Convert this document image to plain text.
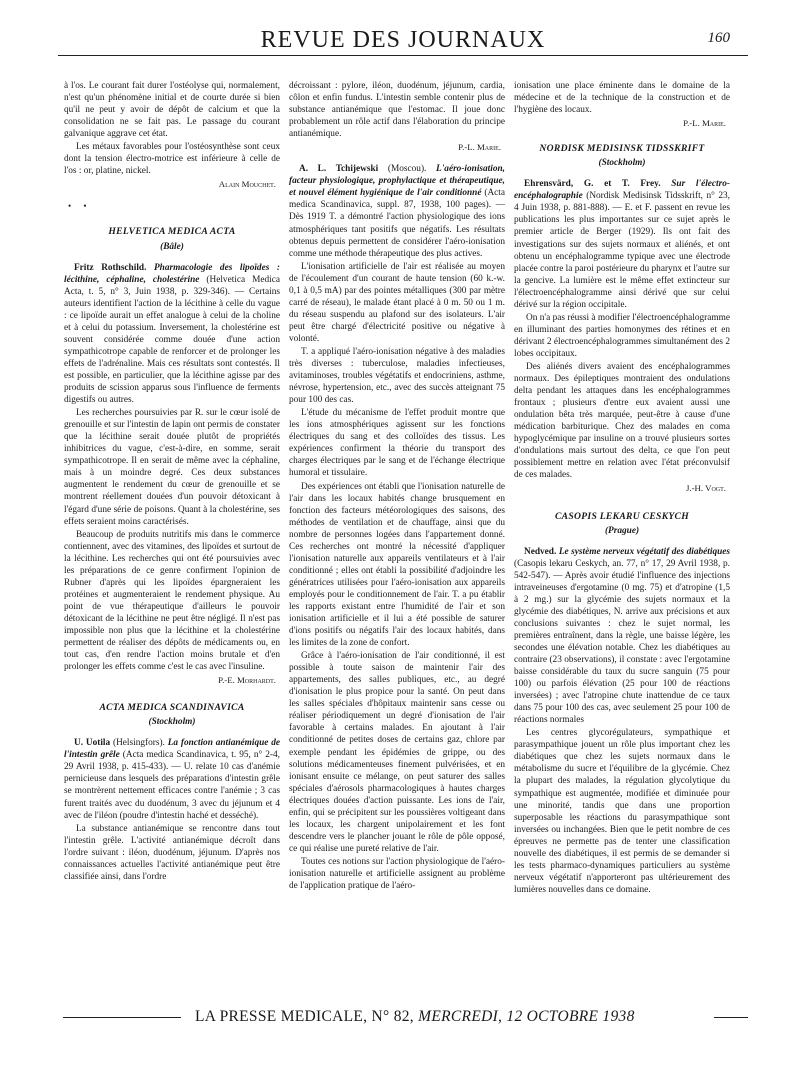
REVUE DES JOURNAUX	160

à l'os. Le courant fait durer l'ostéolyse qui, normalement, n'est qu'un phénomène initial et de courte durée si bien qu'il ne peut y avoir de dépôt de calcium et que la consolidation ne se fait pas. Le passage du courant galvanique aggrave cet état.

Les métaux favorables pour l'ostéosynthèse sont ceux dont la tension électro-motrice est inférieure à celle de l'os : or, platine, nickel.

Alain Mouchet.
• •
HELVETICA MEDICA ACTA
(Bâle)

Fritz Rothschild. Pharmacologie des lipoïdes : lécithine, céphaline, cholestérine (Helvetica Medica Acta, t. 5, n° 3, Juin 1938, p. 329-346). — Certains auteurs identifient l'action de la lécithine à celle du vague : ce lipoïde aurait un effet analogue à celui de la choline et à celui du potassium. Inversement, la cholestérine est souvent considérée comme douée d'une action sympathicotrope capable de renforcer et de prolonger les effets de l'adrénaline. Mais ces résultats sont contestés. Il est possible, en particulier, que la lécithine agisse par des produits de scission apparus sous l'influence de ferments digestifs ou autres.

Les recherches poursuivies par R. sur le cœur isolé de grenouille et sur l'intestin de lapin ont permis de constater que la lécithine serait douée plutôt de propriétés inhibitrices du vague, c'est-à-dire, en somme, serait sympathicotrope. Il en serait de même avec la céphaline, mais à un moindre degré. Ces deux substances augmentent le rendement du cœur de grenouille et se montrent réellement douées d'un pouvoir détoxicant à l'égard d'une série de poisons. Quant à la cholestérine, ses effets seraient moins caractérisés.

Beaucoup de produits nutritifs mis dans le commerce contiennent, avec des vitamines, des lipoïdes et surtout de la lécithine. Les recherches qui ont été poursuivies avec les préparations de ce genre confirment l'opinion de Rubner d'après qui les lipoïdes épargneraient les protéines et augmenteraient le rendement physique. Au point de vue thérapeutique d'ailleurs le pouvoir détoxicant de la lécithine ne peut être négligé. Il n'est pas impossible non plus que la lécithine et la cholestérine permettent de réaliser des dépôts de médicaments ou, en tout cas, d'en rendre l'action moins brutale et d'en prolonger les effets comme c'est le cas avec l'insuline.

P.-E. Morhardt.
ACTA MEDICA SCANDINAVICA
(Stockholm)

U. Uotila (Helsingfors). La fonction antianémique de l'intestin grêle (Acta medica Scandinavica, t. 95, n° 2-4, 29 Avril 1938, p. 415-433). — U. relate 10 cas d'anémie pernicieuse dans lesquels des préparations d'intestin grêle se montrèrent nettement efficaces contre l'anémie ; 3 cas furent traités avec du duodénum, 3 avec du jéjunum et 4 avec de l'iléon (poudre d'intestin haché et desséché).

La substance antianémique se rencontre dans tout l'intestin grêle. L'activité antianémique décroît dans l'ordre suivant : iléon, duodénum, jéjunum. D'après nos connaissances actuelles l'activité antianémique peut être classifiée ainsi, dans l'ordre

décroissant : pylore, iléon, duodénum, jéjunum, cardia, côlon et enfin fundus. L'intestin semble contenir plus de substance antianémique que l'estomac. Il joue donc probablement un rôle actif dans l'élaboration du principe antianémique.

P.-L. Marie.

A. L. Tchijewski (Moscou). L'aéro-ionisation, facteur physiologique, prophylactique et thérapeutique, et nouvel élément hygiénique de l'air conditionné (Acta medica Scandinavica, suppl. 87, 1938, 100 pages). — Dès 1919 T. a démontré l'action physiologique des ions atmosphériques tant positifs que négatifs. Les résultats obtenus depuis permettent de considérer l'aéro-ionisation comme une méthode thérapeutique des plus actives.

L'ionisation artificielle de l'air est réalisée au moyen de l'écoulement d'un courant de haute tension (60 k.-w. 0,1 à 0,5 mA) par des pointes métalliques (300 par mètre carré de réseau), le malade étant placé à 0 m. 50 ou 1 m. du réseau suspendu au plafond sur des isolateurs. L'air peut être chargé d'électricité positive ou négative à volonté.

T. a appliqué l'aéro-ionisation négative à des maladies très diverses : tuberculose, maladies infectieuses, avitaminoses, troubles végétatifs et endocriniens, asthme, névrose, hypertension, etc., avec des succès atteignant 75 pour 100 des cas.

L'étude du mécanisme de l'effet produit montre que les ions atmosphériques agissent sur les fonctions électriques du sang et des colloïdes des tissus. Les expériences confirment la théorie du transport des charges électriques par le sang et de l'échange électrique humoral et tissulaire.

Des expériences ont établi que l'ionisation naturelle de l'air dans les locaux habités change brusquement en fonction des facteurs météorologiques des saisons, des méthodes de ventilation et de chauffage, ainsi que du nombre de personnes logées dans l'appartement donné. Ces recherches ont montré la nécessité d'appliquer l'ionisation naturelle aux appareils ventilateurs et à l'air conditionné ; elles ont établi la possibilité d'adjoindre les génératrices utilisées pour l'aéro-ionisation aux appareils employés pour le conditionnement de l'air. T. a pu établir les rapports existant entre l'humidité de l'air et son ionisation artificielle et il lui a été possible de saturer d'ions positifs ou négatifs l'air des locaux habités, dans les limites de la zone de confort.

Grâce à l'aéro-ionisation de l'air conditionné, il est possible à toute saison de maintenir l'air des appartements, des salles publiques, etc., au degré d'ionisation le plus propice pour la santé. On peut dans les salles spéciales d'hôpitaux maintenir sans cesse ou réaliser périodiquement un degré d'ionisation de l'air favorable à certains malades. En ajoutant à l'air conditionné de petites doses de certains gaz, chlore par exemple pendant les épidémies de grippe, ou des solutions médicamenteuses finement pulvérisées, et en ionisant ensuite ce mélange, on peut saturer des salles spéciales d'aérosols pharmacologiques à hautes charges électriques douées d'action puissante. Les ions de l'air, enfin, qui se précipitent sur les poussières voltigeant dans les locaux, les chargent unipolairement et les font descendre vers le plancher jouant le rôle de pôle opposé, ce qui réalise une pureté relative de l'air.

Toutes ces notions sur l'action physiologique de l'aéro-ionisation naturelle et artificielle assignent au problème de l'application pratique de l'aéro-

ionisation une place éminente dans le domaine de la médecine et de la technique de la construction et de l'hygiène des locaux.

P.-L. Marie.
NORDISK MEDISINSK TIDSSKRIFT
(Stockholm)

Ehrensvärd, G. et T. Frey. Sur l'électro-encéphalographie (Nordisk Medisinsk Tidsskrift, n° 23, 4 Juin 1938, p. 881-888). — E. et F. passent en revue les publications les plus importantes sur ce sujet après le premier article de Berger (1929). Ils ont fait des investigations sur des sujets normaux et aliénés, et ont obtenu un encéphalogramme typique avec une électrode placée contre la paroi postérieure du pharynx et l'autre sur la gencive. La lumière est le même effet extincteur sur l'électroencéphalogramme ainsi dérivé que sur celui dérivé sur la région occipitale.

On n'a pas réussi à modifier l'électroencéphalogramme en illuminant des parties homonymes des rétines et en dérivant 2 électroencéphalogrammes simultanément des 2 lobes occipitaux.

Des aliénés divers avaient des encéphalogrammes normaux. Des épileptiques montraient des ondulations delta pendant les attaques dans les encéphalogrammes frontaux ; plusieurs d'entre eux avaient aussi une ondulation bêta très marquée, peut-être à cause d'une médication barbiturique. Chez des malades en coma hypoglycémique par insuline on a trouvé plusieurs sortes d'ondulations mais surtout des delta, ce que l'on peut possiblement mettre en relation avec l'état préconvulsif de ces malades.

J.-H. Vogt.
CASOPIS LEKARU CESKYCH
(Prague)

Nedved. Le système nerveux végétatif des diabétiques (Casopis lekaru Ceskych, an. 77, n° 17, 29 Avril 1938, p. 542-547). — Après avoir étudié l'influence des injections intraveineuses d'ergotamine (0 mg. 75) et d'atropine (1,5 à 2 mg.) sur la glycémie des sujets normaux et la glycémie des diabétiques, N. arrive aux précisions et aux conclusions suivantes : chez le sujet normal, les premières entraînent, dans la règle, une baisse légère, les secondes une élévation notable. Chez les diabétiques au contraire (23 observations), il constate : avec l'ergotamine baisse considérable du taux du sucre sanguin (75 pour 100) ou parfois élévation (25 pour 100 de réactions inversées) ; avec l'atropine chute inattendue de ce taux dans 75 pour 100 des cas, avec seulement 25 pour 100 de réactions normales

Les centres glycorégulateurs, sympathique et parasympathique jouent un rôle plus important chez les diabétiques que chez les sujets normaux dans le métabolisme du sucre et l'équilibre de la glycémie. Chez la plupart des malades, la régulation glycolytique du sympathique est augmentée, modifiée et diminuée pour une minorité, tandis que dans une proportion superposable les réactions du parasympathique sont inversées ou inchangées. Bien que le petit nombre de ces épreuves ne permette pas de tenter une classification nouvelle des diabétiques, il est permis de se demander si les tests pharmaco-dynamiques particuliers au système nerveux végétatif n'apporteront pas ultérieurement des lumières nouvelles dans ce domaine.

LA PRESSE MEDICALE, N° 82, MERCREDI, 12 OCTOBRE 1938
